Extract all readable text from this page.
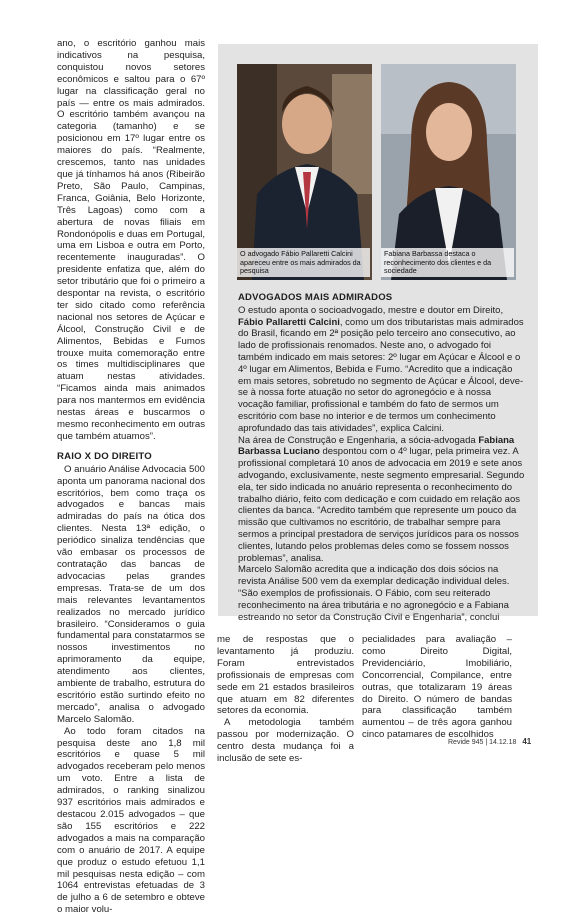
ano, o escritório ganhou mais indicativos na pesquisa, conquistou novos setores econômicos e saltou para o 67º lugar na classificação geral no país — entre os mais admirados. O escritório também avançou na categoria (tamanho) e se posicionou em 17º lugar entre os maiores do país. “Realmente, crescemos, tanto nas unidades que já tínhamos há anos (Ribeirão Preto, São Paulo, Campinas, Franca, Goiânia, Belo Horizonte, Três Lagoas) como com a abertura de novas filiais em Rondonópolis e duas em Portugal, uma em Lisboa e outra em Porto, recentemente inauguradas”. O presidente enfatiza que, além do setor tributário que foi o primeiro a despontar na revista, o escritório ter sido citado como referência nacional nos setores de Açúcar e Álcool, Construção Civil e de Alimentos, Bebidas e Fumos trouxe muita comemoração entre os times multidisciplinares que atuam nestas atividades. “Ficamos ainda mais animados para nos mantermos em evidência nestas áreas e buscarmos o mesmo reconhecimento em outras que também atuamos”.

RAIO X DO DIREITO

O anuário Análise Advocacia 500 aponta um panorama nacional dos escritórios, bem como traça os advogados e bancas mais admiradas do país na ótica dos clientes. Nesta 13ª edição, o periódico sinaliza tendências que vão embasar os processos de contratação das bancas de advocacias pelas grandes empresas. Trata-se de um dos mais relevantes levantamentos realizados no mercado jurídico brasileiro. “Consideramos o guia fundamental para constatarmos se nossos investimentos no aprimoramento da equipe, atendimento aos clientes, ambiente de trabalho, estrutura do escritório estão surtindo efeito no mercado”, analisa o advogado Marcelo Salomão.

Ao todo foram citados na pesquisa deste ano 1,8 mil escritórios e quase 5 mil advogados receberam pelo menos um voto. Entre a lista de admirados, o ranking sinalizou 937 escritórios mais admirados e destacou 2.015 advogados – que são 155 escritórios e 222 advogados a mais na comparação com o anuário de 2017. A equipe que produz o estudo efetuou 1,1 mil pesquisas nesta edição – com 1064 entrevistas efetuadas de 3 de julho a 6 de setembro e obteve o maior volu-

O advogado Fábio Pallaretti Calcini apareceu entre os mais admirados da pesquisa
Fabiana Barbassa destaca o reconhecimento dos clientes e da sociedade
ADVOGADOS MAIS ADMIRADOS

O estudo aponta o socioadvogado, mestre e doutor em Direito, Fábio Pallaretti Calcini, como um dos tributaristas mais admirados do Brasil, ficando em 2ª posição pelo terceiro ano consecutivo, ao lado de profissionais renomados. Neste ano, o advogado foi também indicado em mais setores: 2º lugar em Açúcar e Álcool e o 4º lugar em Alimentos, Bebida e Fumo. “Acredito que a indicação em mais setores, sobretudo no segmento de Açúcar e Álcool, deve-se à nossa forte atuação no setor do agronegócio e à nossa vocação familiar, profissional e também do fato de sermos um escritório com base no interior e de termos um conhecimento aprofundado das tais atividades”, explica Calcini.

Na área de Construção e Engenharia, a sócia-advogada Fabiana Barbassa Luciano despontou com o 4º lugar, pela primeira vez. A profissional completará 10 anos de advocacia em 2019 e sete anos advogando, exclusivamente, neste segmento empresarial. Segundo ela, ter sido indicada no anuário representa o reconhecimento do trabalho diário, feito com dedicação e com cuidado em relação aos clientes da banca. “Acredito também que represente um pouco da missão que cultivamos no escritório, de trabalhar sempre para sermos a principal prestadora de serviços jurídicos para os nossos clientes, lutando pelos problemas deles como se fossem nossos problemas”, analisa.

Marcelo Salomão acredita que a indicação dos dois sócios na revista Análise 500 vem da exemplar dedicação individual deles. “São exemplos de profissionais. O Fábio, com seu reiterado reconhecimento na área tributária e no agronegócio e a Fabiana estreando no setor da Construção Civil e Engenharia”, conclui

me de respostas que o levantamento já produziu. Foram entrevistados profissionais de empresas com sede em 21 estados brasileiros que atuam em 82 diferentes setores da economia.

A metodologia também passou por modernização. O centro desta mudança foi a inclusão de sete es-

pecialidades para avaliação – como Direito Digital, Previdenciário, Imobiliário, Concorrencial, Compilance, entre outras, que totalizaram 19 áreas do Direito. O número de bandas para classificação também aumentou – de três agora ganhou cinco patamares de escolhidos

Revide 945 | 14.12.18 41
